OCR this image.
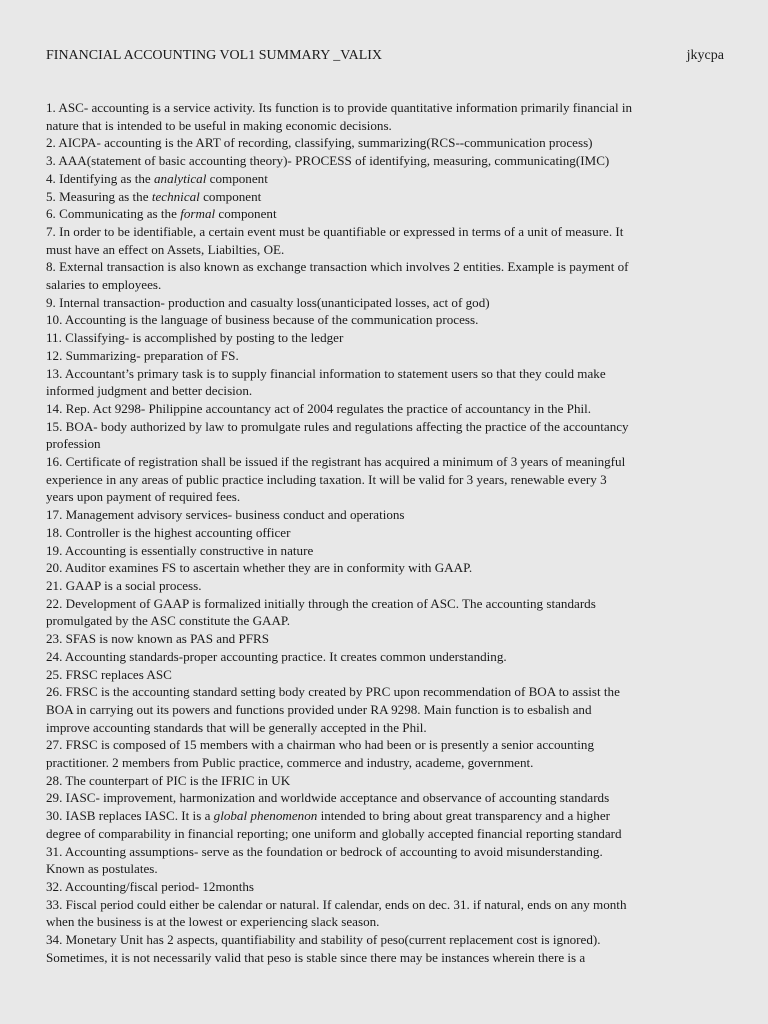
FINANCIAL ACCOUNTING VOL1 SUMMARY _VALIX	jkycpa
1. ASC- accounting is a service activity. Its function is to provide quantitative information primarily financial in
nature that is intended to be useful in making economic decisions.
2. AICPA- accounting is the ART of recording, classifying, summarizing(RCS--communication process)
3. AAA(statement of basic accounting theory)- PROCESS of identifying, measuring, communicating(IMC)
4. Identifying as the analytical component
5. Measuring as the technical component
6. Communicating as the formal component
7. In order to be identifiable, a certain event must be quantifiable or expressed in terms of a unit of measure. It
must have an effect on Assets, Liabilties, OE.
8. External transaction is also known as exchange transaction which involves 2 entities. Example is payment of
salaries to employees.
9. Internal transaction- production and casualty loss(unanticipated losses, act of god)
10. Accounting is the language of business because of the communication process.
11. Classifying- is accomplished by posting to the ledger
12. Summarizing- preparation of FS.
13. Accountant’s primary task is to supply financial information to statement users so that they could make
informed judgment and better decision.
14. Rep. Act 9298- Philippine accountancy act of 2004 regulates the practice of accountancy in the Phil.
15. BOA- body authorized by law to promulgate rules and regulations affecting the practice of the accountancy
profession
16. Certificate of registration shall be issued if the registrant has acquired a minimum of 3 years of meaningful
experience in any areas of public practice including taxation. It will be valid for 3 years, renewable every 3
years upon payment of required fees.
17. Management advisory services- business conduct and operations
18. Controller is the highest accounting officer
19. Accounting is essentially constructive in nature
20. Auditor examines FS to ascertain whether they are in conformity with GAAP.
21. GAAP is a social process.
22. Development of GAAP is formalized initially through the creation of ASC. The accounting standards
promulgated by the ASC constitute the GAAP.
23. SFAS is now known as PAS and PFRS
24. Accounting standards-proper accounting practice. It creates common understanding.
25. FRSC replaces ASC
26. FRSC is the accounting standard setting body created by PRC upon recommendation of BOA to assist the
BOA in carrying out its powers and functions provided under RA 9298. Main function is to esbalish and
improve accounting standards that will be generally accepted in the Phil.
27. FRSC is composed of 15 members with a chairman who had been or is presently a senior accounting
practitioner. 2 members from Public practice, commerce and industry, academe, government.
28. The counterpart of PIC is the IFRIC in UK
29. IASC- improvement, harmonization and worldwide acceptance and observance of accounting standards
30. IASB replaces IASC. It is a global phenomenon intended to bring about great transparency and a higher
degree of comparability in financial reporting; one uniform and globally accepted financial reporting standard
31. Accounting assumptions- serve as the foundation or bedrock of accounting to avoid misunderstanding.
Known as postulates.
32. Accounting/fiscal period- 12months
33. Fiscal period could either be calendar or natural. If calendar, ends on dec. 31. if natural, ends on any month
when the business is at the lowest or experiencing slack season.
34. Monetary Unit has 2 aspects, quantifiability and stability of peso(current replacement cost is ignored).
Sometimes, it is not necessarily valid that peso is stable since there may be instances wherein there is a
